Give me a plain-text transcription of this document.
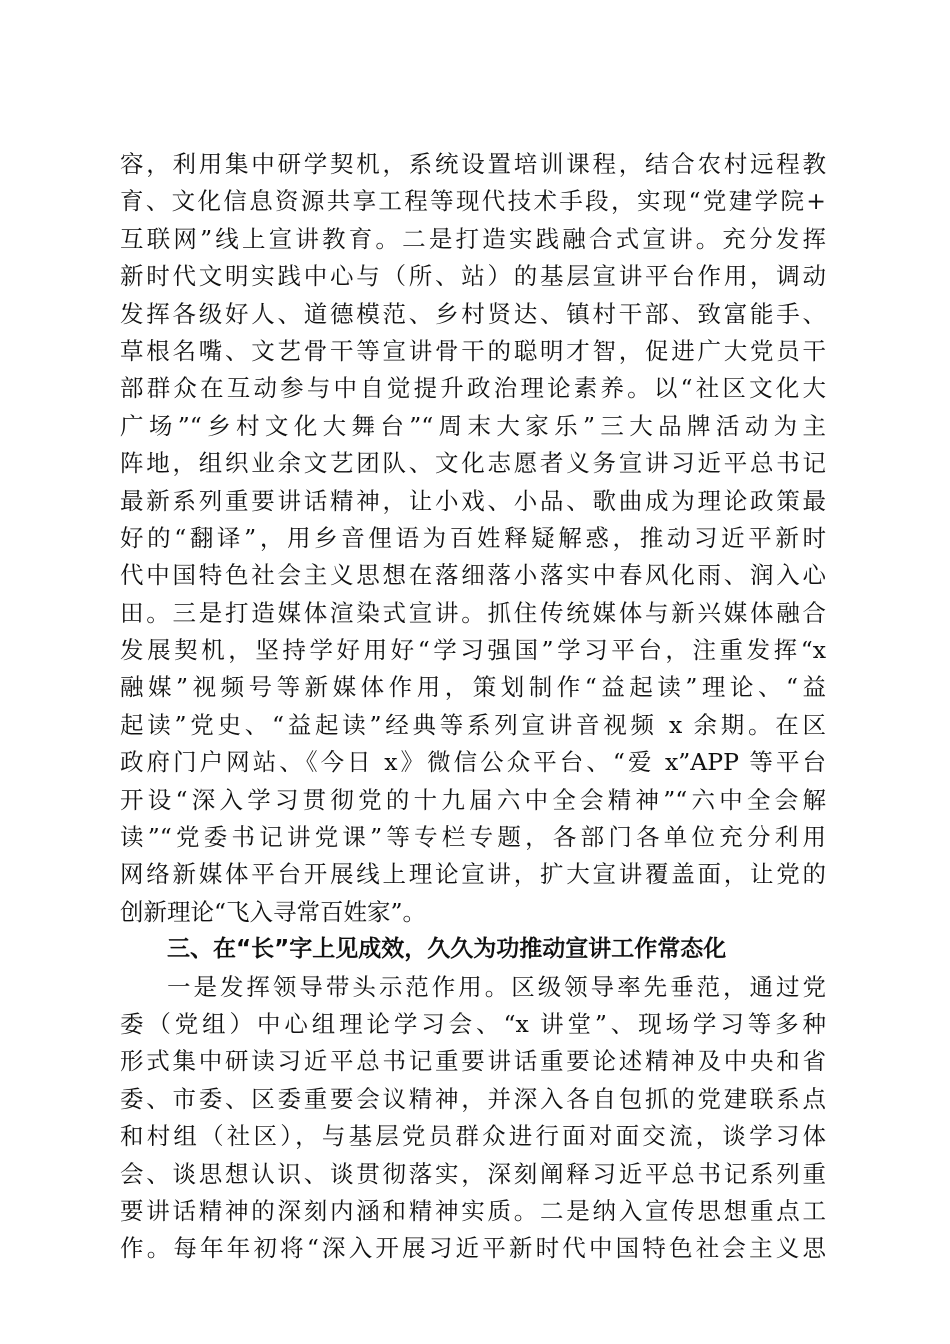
容，利用集中研学契机，系统设置培训课程，结合农村远程教
育、文化信息资源共享工程等现代技术手段，实现“党建学院+
互联网”线上宣讲教育。二是打造实践融合式宣讲。充分发挥
新时代文明实践中心与（所、站）的基层宣讲平台作用，调动
发挥各级好人、道德模范、乡村贤达、镇村干部、致富能手、
草根名嘴、文艺骨干等宣讲骨干的聪明才智，促进广大党员干
部群众在互动参与中自觉提升政治理论素养。以“社区文化大
广场”“乡村文化大舞台”“周末大家乐”三大品牌活动为主
阵地，组织业余文艺团队、文化志愿者义务宣讲习近平总书记
最新系列重要讲话精神，让小戏、小品、歌曲成为理论政策最
好的“翻译”，用乡音俚语为百姓释疑解惑，推动习近平新时
代中国特色社会主义思想在落细落小落实中春风化雨、润入心
田。三是打造媒体渲染式宣讲。抓住传统媒体与新兴媒体融合
发展契机，坚持学好用好“学习强国”学习平台，注重发挥“x
融媒”视频号等新媒体作用，策划制作“益起读”理论、“益
起读”党史、“益起读”经典等系列宣讲音视频 x 余期。在区
政府门户网站、《今日 x》微信公众平台、“爱 x”APP 等平台
开设“深入学习贯彻党的十九届六中全会精神”“六中全会解
读”“党委书记讲党课”等专栏专题，各部门各单位充分利用
网络新媒体平台开展线上理论宣讲，扩大宣讲覆盖面，让党的
创新理论“飞入寻常百姓家”。
三、在“长”字上见成效，久久为功推动宣讲工作常态化
一是发挥领导带头示范作用。区级领导率先垂范，通过党
委（党组）中心组理论学习会、“x 讲堂”、现场学习等多种
形式集中研读习近平总书记重要讲话重要论述精神及中央和省
委、市委、区委重要会议精神，并深入各自包抓的党建联系点
和村组（社区），与基层党员群众进行面对面交流，谈学习体
会、谈思想认识、谈贯彻落实，深刻阐释习近平总书记系列重
要讲话精神的深刻内涵和精神实质。二是纳入宣传思想重点工
作。每年年初将“深入开展习近平新时代中国特色社会主义思
